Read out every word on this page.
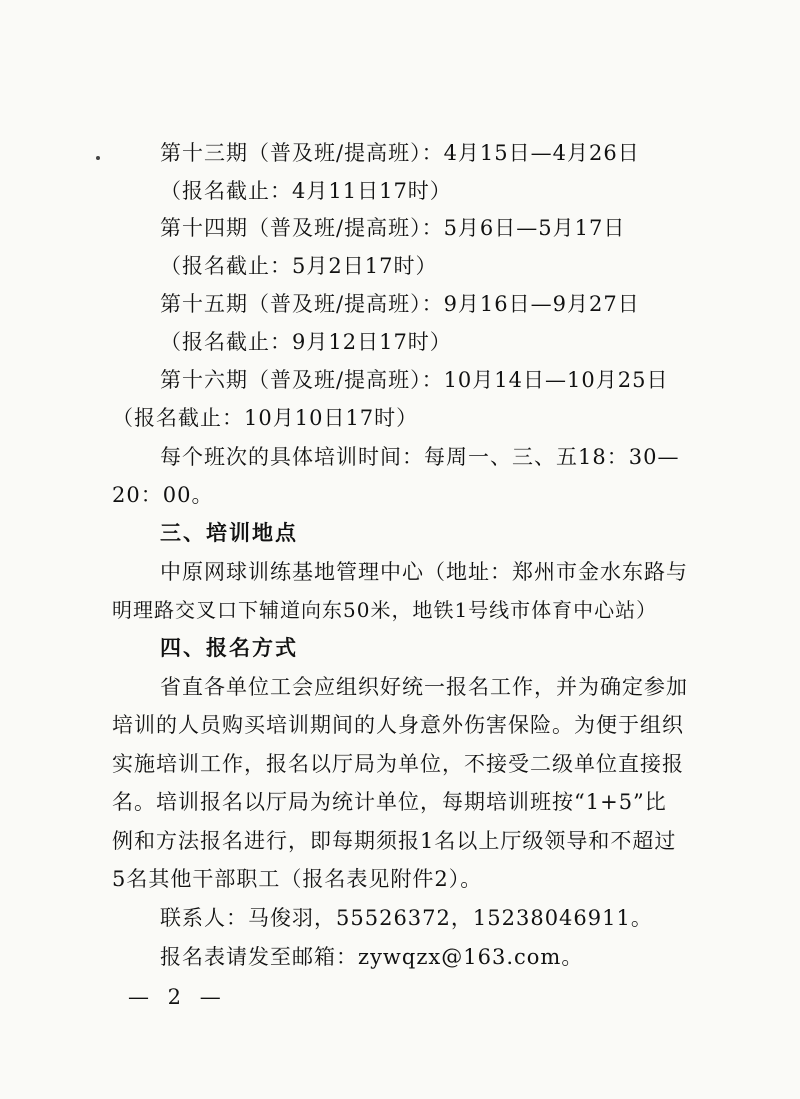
第十三期（普及班/提高班）：4月15日—4月26日
（报名截止：4月11日17时）
第十四期（普及班/提高班）：5月6日—5月17日
（报名截止：5月2日17时）
第十五期（普及班/提高班）：9月16日—9月27日
（报名截止：9月12日17时）
第十六期（普及班/提高班）：10月14日—10月25日
（报名截止：10月10日17时）
每个班次的具体培训时间：每周一、三、五18：30—
20：00。
三、培训地点
中原网球训练基地管理中心（地址：郑州市金水东路与
明理路交叉口下辅道向东50米，地铁1号线市体育中心站）
四、报名方式
省直各单位工会应组织好统一报名工作，并为确定参加
培训的人员购买培训期间的人身意外伤害保险。为便于组织
实施培训工作，报名以厅局为单位，不接受二级单位直接报
名。培训报名以厅局为统计单位，每期培训班按“1+5”比
例和方法报名进行，即每期须报1名以上厅级领导和不超过
5名其他干部职工（报名表见附件2）。
联系人：马俊羽，55526372，15238046911。
报名表请发至邮箱：zywqzx@163.com。
— 2 —
